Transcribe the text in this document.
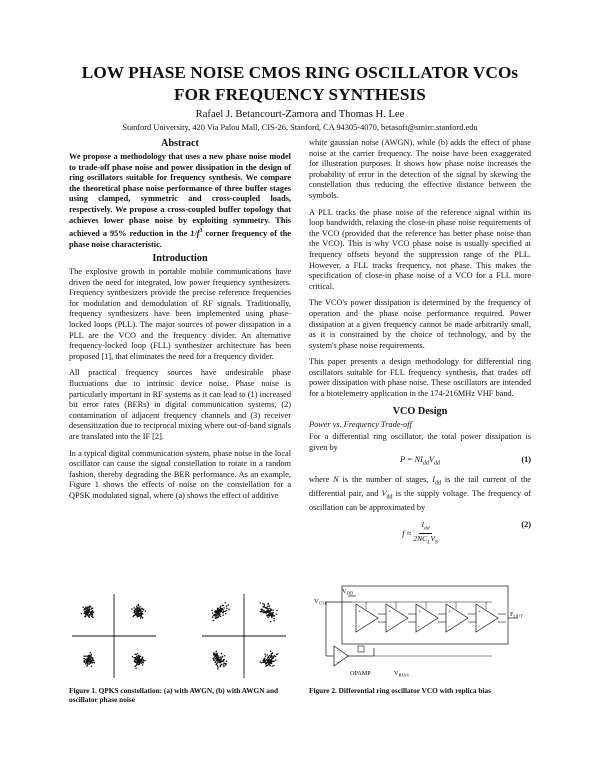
LOW PHASE NOISE CMOS RING OSCILLATOR VCOs
FOR FREQUENCY SYNTHESIS
Rafael J. Betancourt-Zamora and Thomas H. Lee
Stanford University, 420 Via Palou Mall, CIS-26, Stanford, CA 94305-4070, betasoft@smirc.stanford.edu
Abstract

We propose a methodology that uses a new phase noise model to trade-off phase noise and power dissipation in the design of ring oscillators suitable for frequency synthesis. We compare the theoretical phase noise performance of three buffer stages using clamped, symmetric and cross-coupled loads, respectively. We propose a cross-coupled buffer topology that achieves lower phase noise by exploiting symmetry. This achieved a 95% reduction in the $1/f^3$ corner frequency of the phase noise characteristic.

Introduction

The explosive growth in portable mobile communications have driven the need for integrated, low power frequency synthesizers. Frequency synthesizers provide the precise reference frequencies for modulation and demodulation of RF signals. Traditionally, frequency synthesizers have been implemented using phase-locked loops (PLL). The major sources of power dissipation in a PLL are the VCO and the frequency divider. An alternative frequency-locked loop (FLL) synthesizer architecture has been proposed [1], that eliminates the need for a frequency divider.

All practical frequency sources have undesirable phase fluctuations due to intrinsic device noise. Phase noise is particularly important in RF systems as it can lead to (1) increased bit error rates (BERs) in digital communication systems, (2) contamination of adjacent frequency channels and (3) receiver desensitization due to reciprocal mixing where out-of-band signals are translated into the IF [2].

In a typical digital communication system, phase noise in the local oscillator can cause the signal constellation to rotate in a random fashion, thereby degrading the BER performance. As an example, Figure 1 shows the effects of noise on the constellation for a QPSK modulated signal, where (a) shows the effect of additive

Figure 1. QPKS constellation: (a) with AWGN, (b) with AWGN and oscillator phase noise

white gaussian noise (AWGN), while (b) adds the effect of phase noise at the carrier frequency. The noise have been exaggerated for illustration purposes. It shows how phase noise increases the probability of error in the detection of the signal by skewing the constellation thus reducing the effective distance between the symbols.

A PLL tracks the phase noise of the reference signal within its loop bandwidth, relaxing the close-in phase noise requirements of the VCO (provided that the reference has better phase noise than the VCO). This is why VCO phase noise is usually specified at frequency offsets beyond the suppression range of the PLL. However, a FLL tracks frequency, not phase. This makes the specification of close-in phase noise of a VCO for a FLL more critical.

The VCO's power dissipation is determined by the frequency of operation and the phase noise performance required. Power dissipation at a given frequency cannot be made arbitrarily small, as it is constrained by the choice of technology, and by the system's phase noise requirements.

This paper presents a design methodology for differential ring oscillators suitable for FLL frequency synthesis, that trades off power dissipation with phase noise. These oscillators are intended for a biotelemetry application in the 174-216MHz VHF band.

VCO Design
Power vs. Frequency Trade-off

For a differential ring oscillator, the total power dissipation is given by

$P = NI_{dd}V_{dd}$	(1)

where N is the number of stages, $I_{dd}$ is the tail current of the differential pair, and $V_{dd}$ is the supply voltage. The frequency of oscillation can be approximated by

$f \approx \frac{I_{dd}}{2NC_LV_S}$	(2)
$V_{CTL}$
$V_{DD}$
+
-
+
-
+
-
+
-
+
-
$F_{OUT}$
-
+
OPAMP	$V_{BIAS}$
Figure 2. Differential ring oscillator VCO with replica bias
